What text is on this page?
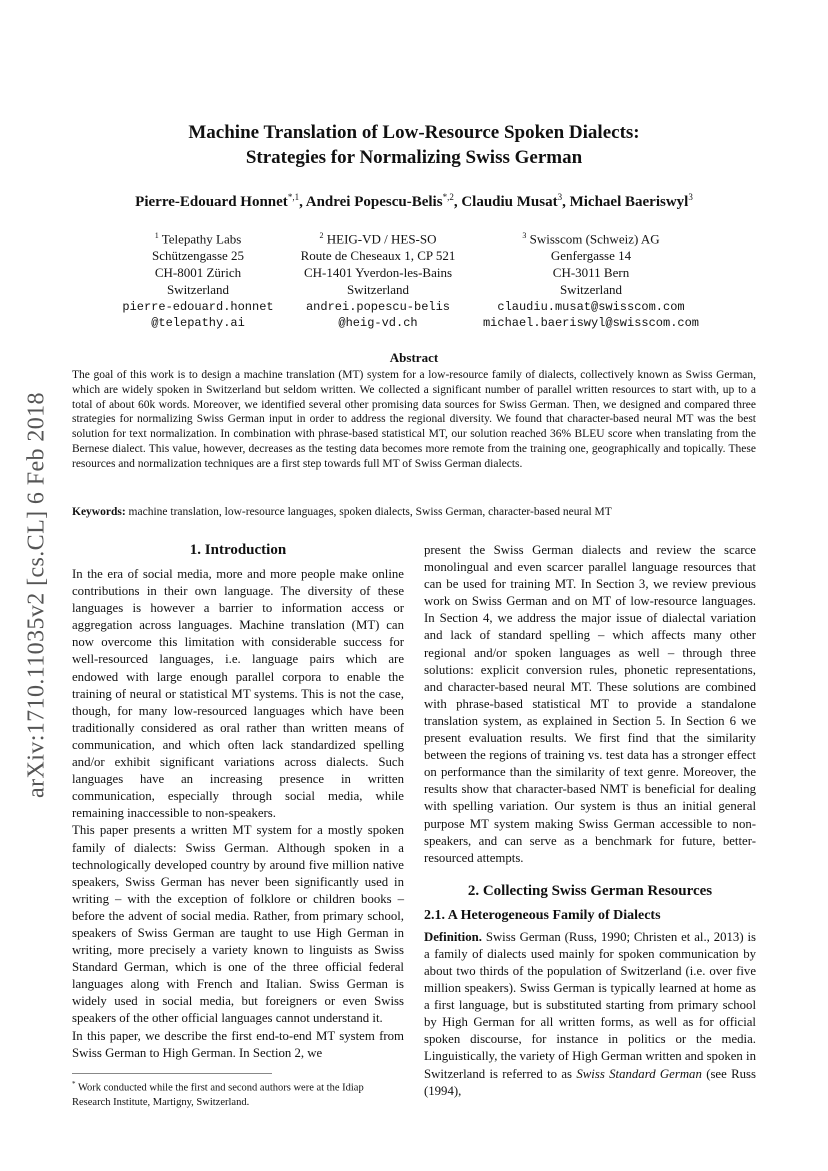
arXiv:1710.11035v2 [cs.CL] 6 Feb 2018
Machine Translation of Low-Resource Spoken Dialects:
Strategies for Normalizing Swiss German
Pierre-Edouard Honnet$^{*,1}$, Andrei Popescu-Belis$^{*,2}$, Claudiu Musat$^3$, Michael Baeriswyl$^3$
$^1$ Telepathy Labs
Schützengasse 25
CH-8001 Zürich
Switzerland
pierre-edouard.honnet
@telepathy.ai
$^2$ HEIG-VD / HES-SO
Route de Cheseaux 1, CP 521
CH-1401 Yverdon-les-Bains
Switzerland
andrei.popescu-belis
@heig-vd.ch
$^3$ Swisscom (Schweiz) AG
Genfergasse 14
CH-3011 Bern
Switzerland
claudiu.musat@swisscom.com
michael.baeriswyl@swisscom.com
Abstract
The goal of this work is to design a machine translation (MT) system for a low-resource family of dialects, collectively known as Swiss German, which are widely spoken in Switzerland but seldom written. We collected a significant number of parallel written resources to start with, up to a total of about 60k words. Moreover, we identified several other promising data sources for Swiss German. Then, we designed and compared three strategies for normalizing Swiss German input in order to address the regional diversity. We found that character-based neural MT was the best solution for text normalization. In combination with phrase-based statistical MT, our solution reached 36% BLEU score when translating from the Bernese dialect. This value, however, decreases as the testing data becomes more remote from the training one, geographically and topically. These resources and normalization techniques are a first step towards full MT of Swiss German dialects.
Keywords: machine translation, low-resource languages, spoken dialects, Swiss German, character-based neural MT
1. Introduction

In the era of social media, more and more people make online contributions in their own language. The diversity of these languages is however a barrier to information access or aggregation across languages. Machine translation (MT) can now overcome this limitation with considerable success for well-resourced languages, i.e. language pairs which are endowed with large enough parallel corpora to enable the training of neural or statistical MT systems. This is not the case, though, for many low-resourced languages which have been traditionally considered as oral rather than written means of communication, and which often lack standardized spelling and/or exhibit significant variations across dialects. Such languages have an increasing presence in written communication, especially through social media, while remaining inaccessible to non-speakers.

This paper presents a written MT system for a mostly spoken family of dialects: Swiss German. Although spoken in a technologically developed country by around five million native speakers, Swiss German has never been significantly used in writing – with the exception of folklore or children books – before the advent of social media. Rather, from primary school, speakers of Swiss German are taught to use High German in writing, more precisely a variety known to linguists as Swiss Standard German, which is one of the three official federal languages along with French and Italian. Swiss German is widely used in social media, but foreigners or even Swiss speakers of the other official languages cannot understand it.

In this paper, we describe the first end-to-end MT system from Swiss German to High German. In Section 2, we

* Work conducted while the first and second authors were at the Idiap Research Institute, Martigny, Switzerland.

present the Swiss German dialects and review the scarce monolingual and even scarcer parallel language resources that can be used for training MT. In Section 3, we review previous work on Swiss German and on MT of low-resource languages. In Section 4, we address the major issue of dialectal variation and lack of standard spelling – which affects many other regional and/or spoken languages as well – through three solutions: explicit conversion rules, phonetic representations, and character-based neural MT. These solutions are combined with phrase-based statistical MT to provide a standalone translation system, as explained in Section 5. In Section 6 we present evaluation results. We first find that the similarity between the regions of training vs. test data has a stronger effect on performance than the similarity of text genre. Moreover, the results show that character-based NMT is beneficial for dealing with spelling variation. Our system is thus an initial general purpose MT system making Swiss German accessible to non-speakers, and can serve as a benchmark for future, better-resourced attempts.

2. Collecting Swiss German Resources
2.1. A Heterogeneous Family of Dialects

Definition. Swiss German (Russ, 1990; Christen et al., 2013) is a family of dialects used mainly for spoken communication by about two thirds of the population of Switzerland (i.e. over five million speakers). Swiss German is typically learned at home as a first language, but is substituted starting from primary school by High German for all written forms, as well as for official spoken discourse, for instance in politics or the media. Linguistically, the variety of High German written and spoken in Switzerland is referred to as Swiss Standard German (see Russ (1994),
